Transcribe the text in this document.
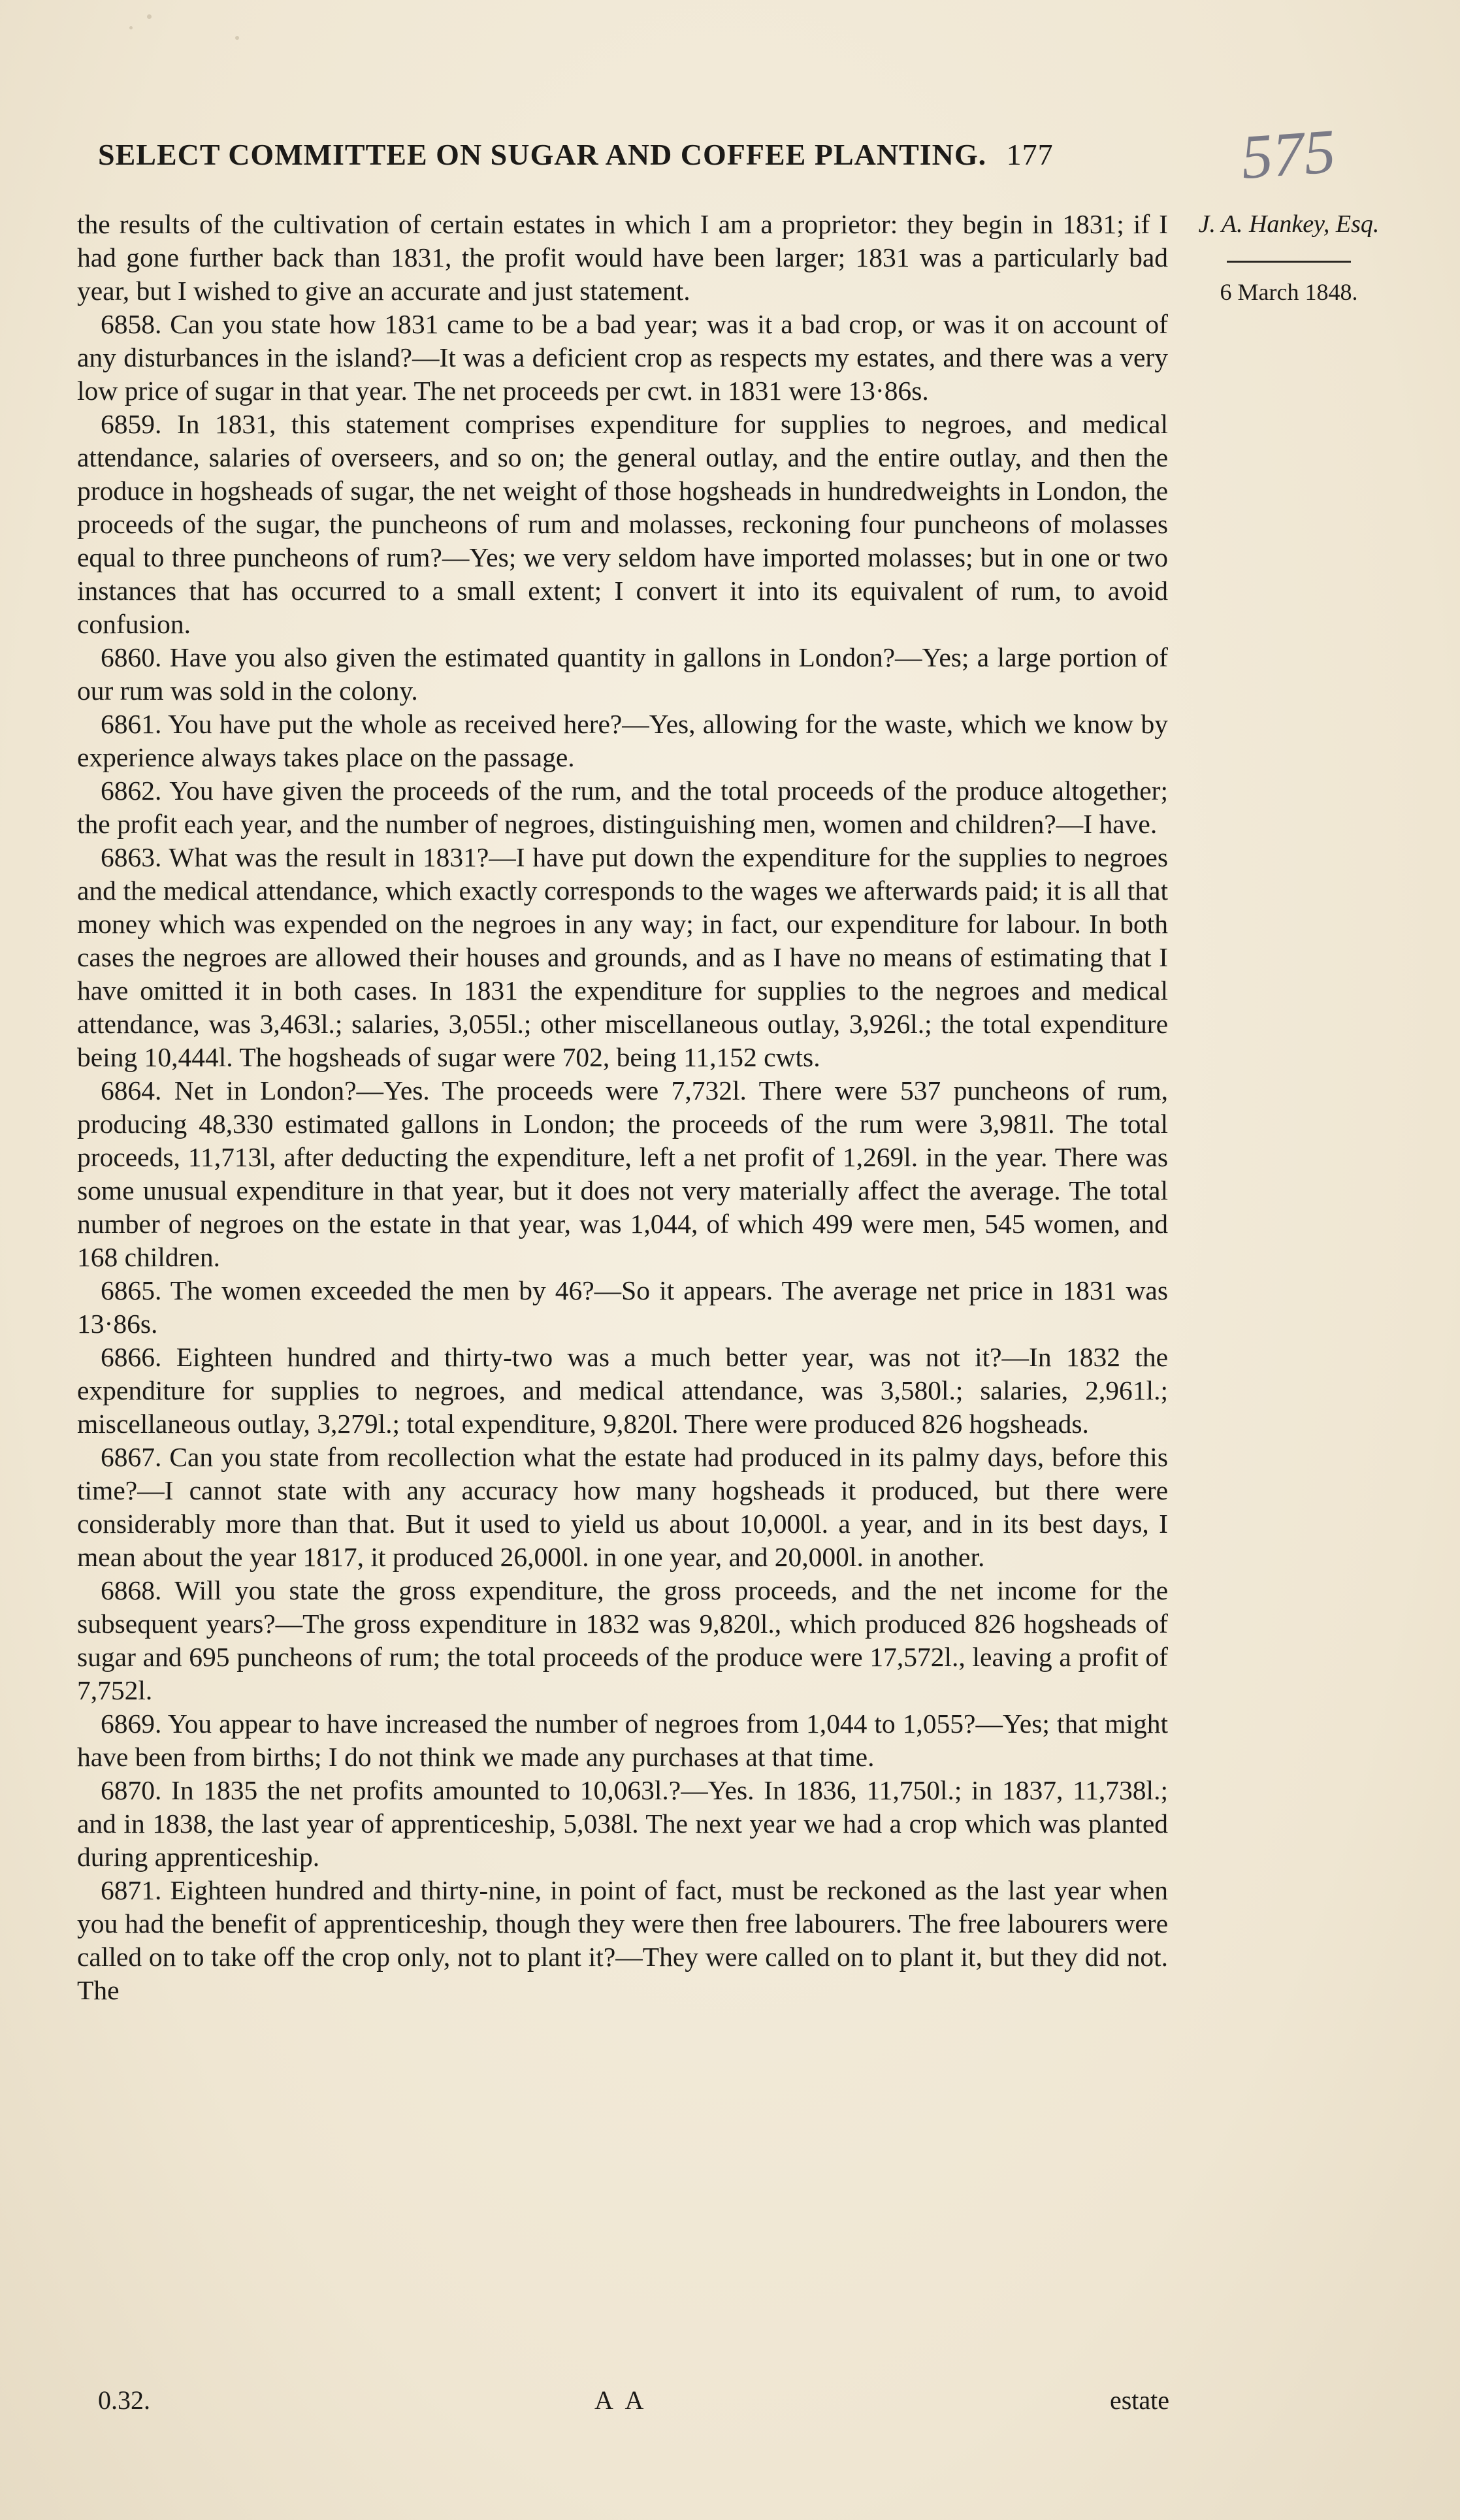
SELECT COMMITTEE ON SUGAR AND COFFEE PLANTING. 177	575
J. A. Hankey, Esq.
6 March 1848.

the results of the cultivation of certain estates in which I am a proprietor: they begin in 1831; if I had gone further back than 1831, the profit would have been larger; 1831 was a particularly bad year, but I wished to give an accurate and just statement.

6858. Can you state how 1831 came to be a bad year; was it a bad crop, or was it on account of any disturbances in the island?—It was a deficient crop as respects my estates, and there was a very low price of sugar in that year. The net proceeds per cwt. in 1831 were 13·86s.

6859. In 1831, this statement comprises expenditure for supplies to negroes, and medical attendance, salaries of overseers, and so on; the general outlay, and the entire outlay, and then the produce in hogsheads of sugar, the net weight of those hogsheads in hundredweights in London, the proceeds of the sugar, the puncheons of rum and molasses, reckoning four puncheons of molasses equal to three puncheons of rum?—Yes; we very seldom have imported molasses; but in one or two instances that has occurred to a small extent; I convert it into its equivalent of rum, to avoid confusion.

6860. Have you also given the estimated quantity in gallons in London?—Yes; a large portion of our rum was sold in the colony.

6861. You have put the whole as received here?—Yes, allowing for the waste, which we know by experience always takes place on the passage.

6862. You have given the proceeds of the rum, and the total proceeds of the produce altogether; the profit each year, and the number of negroes, distinguishing men, women and children?—I have.

6863. What was the result in 1831?—I have put down the expenditure for the supplies to negroes and the medical attendance, which exactly corresponds to the wages we afterwards paid; it is all that money which was expended on the negroes in any way; in fact, our expenditure for labour. In both cases the negroes are allowed their houses and grounds, and as I have no means of estimating that I have omitted it in both cases. In 1831 the expenditure for supplies to the negroes and medical attendance, was 3,463l.; salaries, 3,055l.; other miscellaneous outlay, 3,926l.; the total expenditure being 10,444l. The hogsheads of sugar were 702, being 11,152 cwts.

6864. Net in London?—Yes. The proceeds were 7,732l. There were 537 puncheons of rum, producing 48,330 estimated gallons in London; the proceeds of the rum were 3,981l. The total proceeds, 11,713l, after deducting the expenditure, left a net profit of 1,269l. in the year. There was some unusual expenditure in that year, but it does not very materially affect the average. The total number of negroes on the estate in that year, was 1,044, of which 499 were men, 545 women, and 168 children.

6865. The women exceeded the men by 46?—So it appears. The average net price in 1831 was 13·86s.

6866. Eighteen hundred and thirty-two was a much better year, was not it?—In 1832 the expenditure for supplies to negroes, and medical attendance, was 3,580l.; salaries, 2,961l.; miscellaneous outlay, 3,279l.; total expenditure, 9,820l. There were produced 826 hogsheads.

6867. Can you state from recollection what the estate had produced in its palmy days, before this time?—I cannot state with any accuracy how many hogsheads it produced, but there were considerably more than that. But it used to yield us about 10,000l. a year, and in its best days, I mean about the year 1817, it produced 26,000l. in one year, and 20,000l. in another.

6868. Will you state the gross expenditure, the gross proceeds, and the net income for the subsequent years?—The gross expenditure in 1832 was 9,820l., which produced 826 hogsheads of sugar and 695 puncheons of rum; the total proceeds of the produce were 17,572l., leaving a profit of 7,752l.

6869. You appear to have increased the number of negroes from 1,044 to 1,055?—Yes; that might have been from births; I do not think we made any purchases at that time.

6870. In 1835 the net profits amounted to 10,063l.?—Yes. In 1836, 11,750l.; in 1837, 11,738l.; and in 1838, the last year of apprenticeship, 5,038l. The next year we had a crop which was planted during apprenticeship.

6871. Eighteen hundred and thirty-nine, in point of fact, must be reckoned as the last year when you had the benefit of apprenticeship, though they were then free labourers. The free labourers were called on to take off the crop only, not to plant it?—They were called on to plant it, but they did not. The

0.32.	A A	estate
